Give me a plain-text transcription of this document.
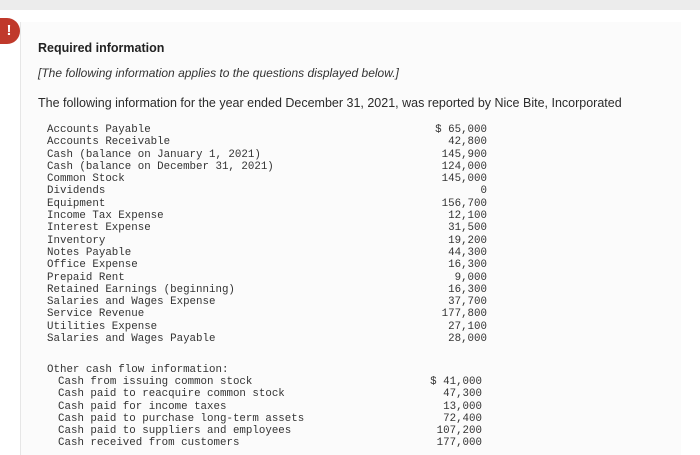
!
Required information
[The following information applies to the questions displayed below.]
The following information for the year ended December 31, 2021, was reported by Nice Bite, Incorporated
Accounts Payable	$ 65,000
Accounts Receivable	42,800
Cash (balance on January 1, 2021)	145,900
Cash (balance on December 31, 2021)	124,000
Common Stock	145,000
Dividends	0
Equipment	156,700
Income Tax Expense	12,100
Interest Expense	31,500
Inventory	19,200
Notes Payable	44,300
Office Expense	16,300
Prepaid Rent	9,000
Retained Earnings (beginning)	16,300
Salaries and Wages Expense	37,700
Service Revenue	177,800
Utilities Expense	27,100
Salaries and Wages Payable	28,000
Other cash flow information:
Cash from issuing common stock	$ 41,000
Cash paid to reacquire common stock	47,300
Cash paid for income taxes	13,000
Cash paid to purchase long-term assets	72,400
Cash paid to suppliers and employees	107,200
Cash received from customers	177,000
